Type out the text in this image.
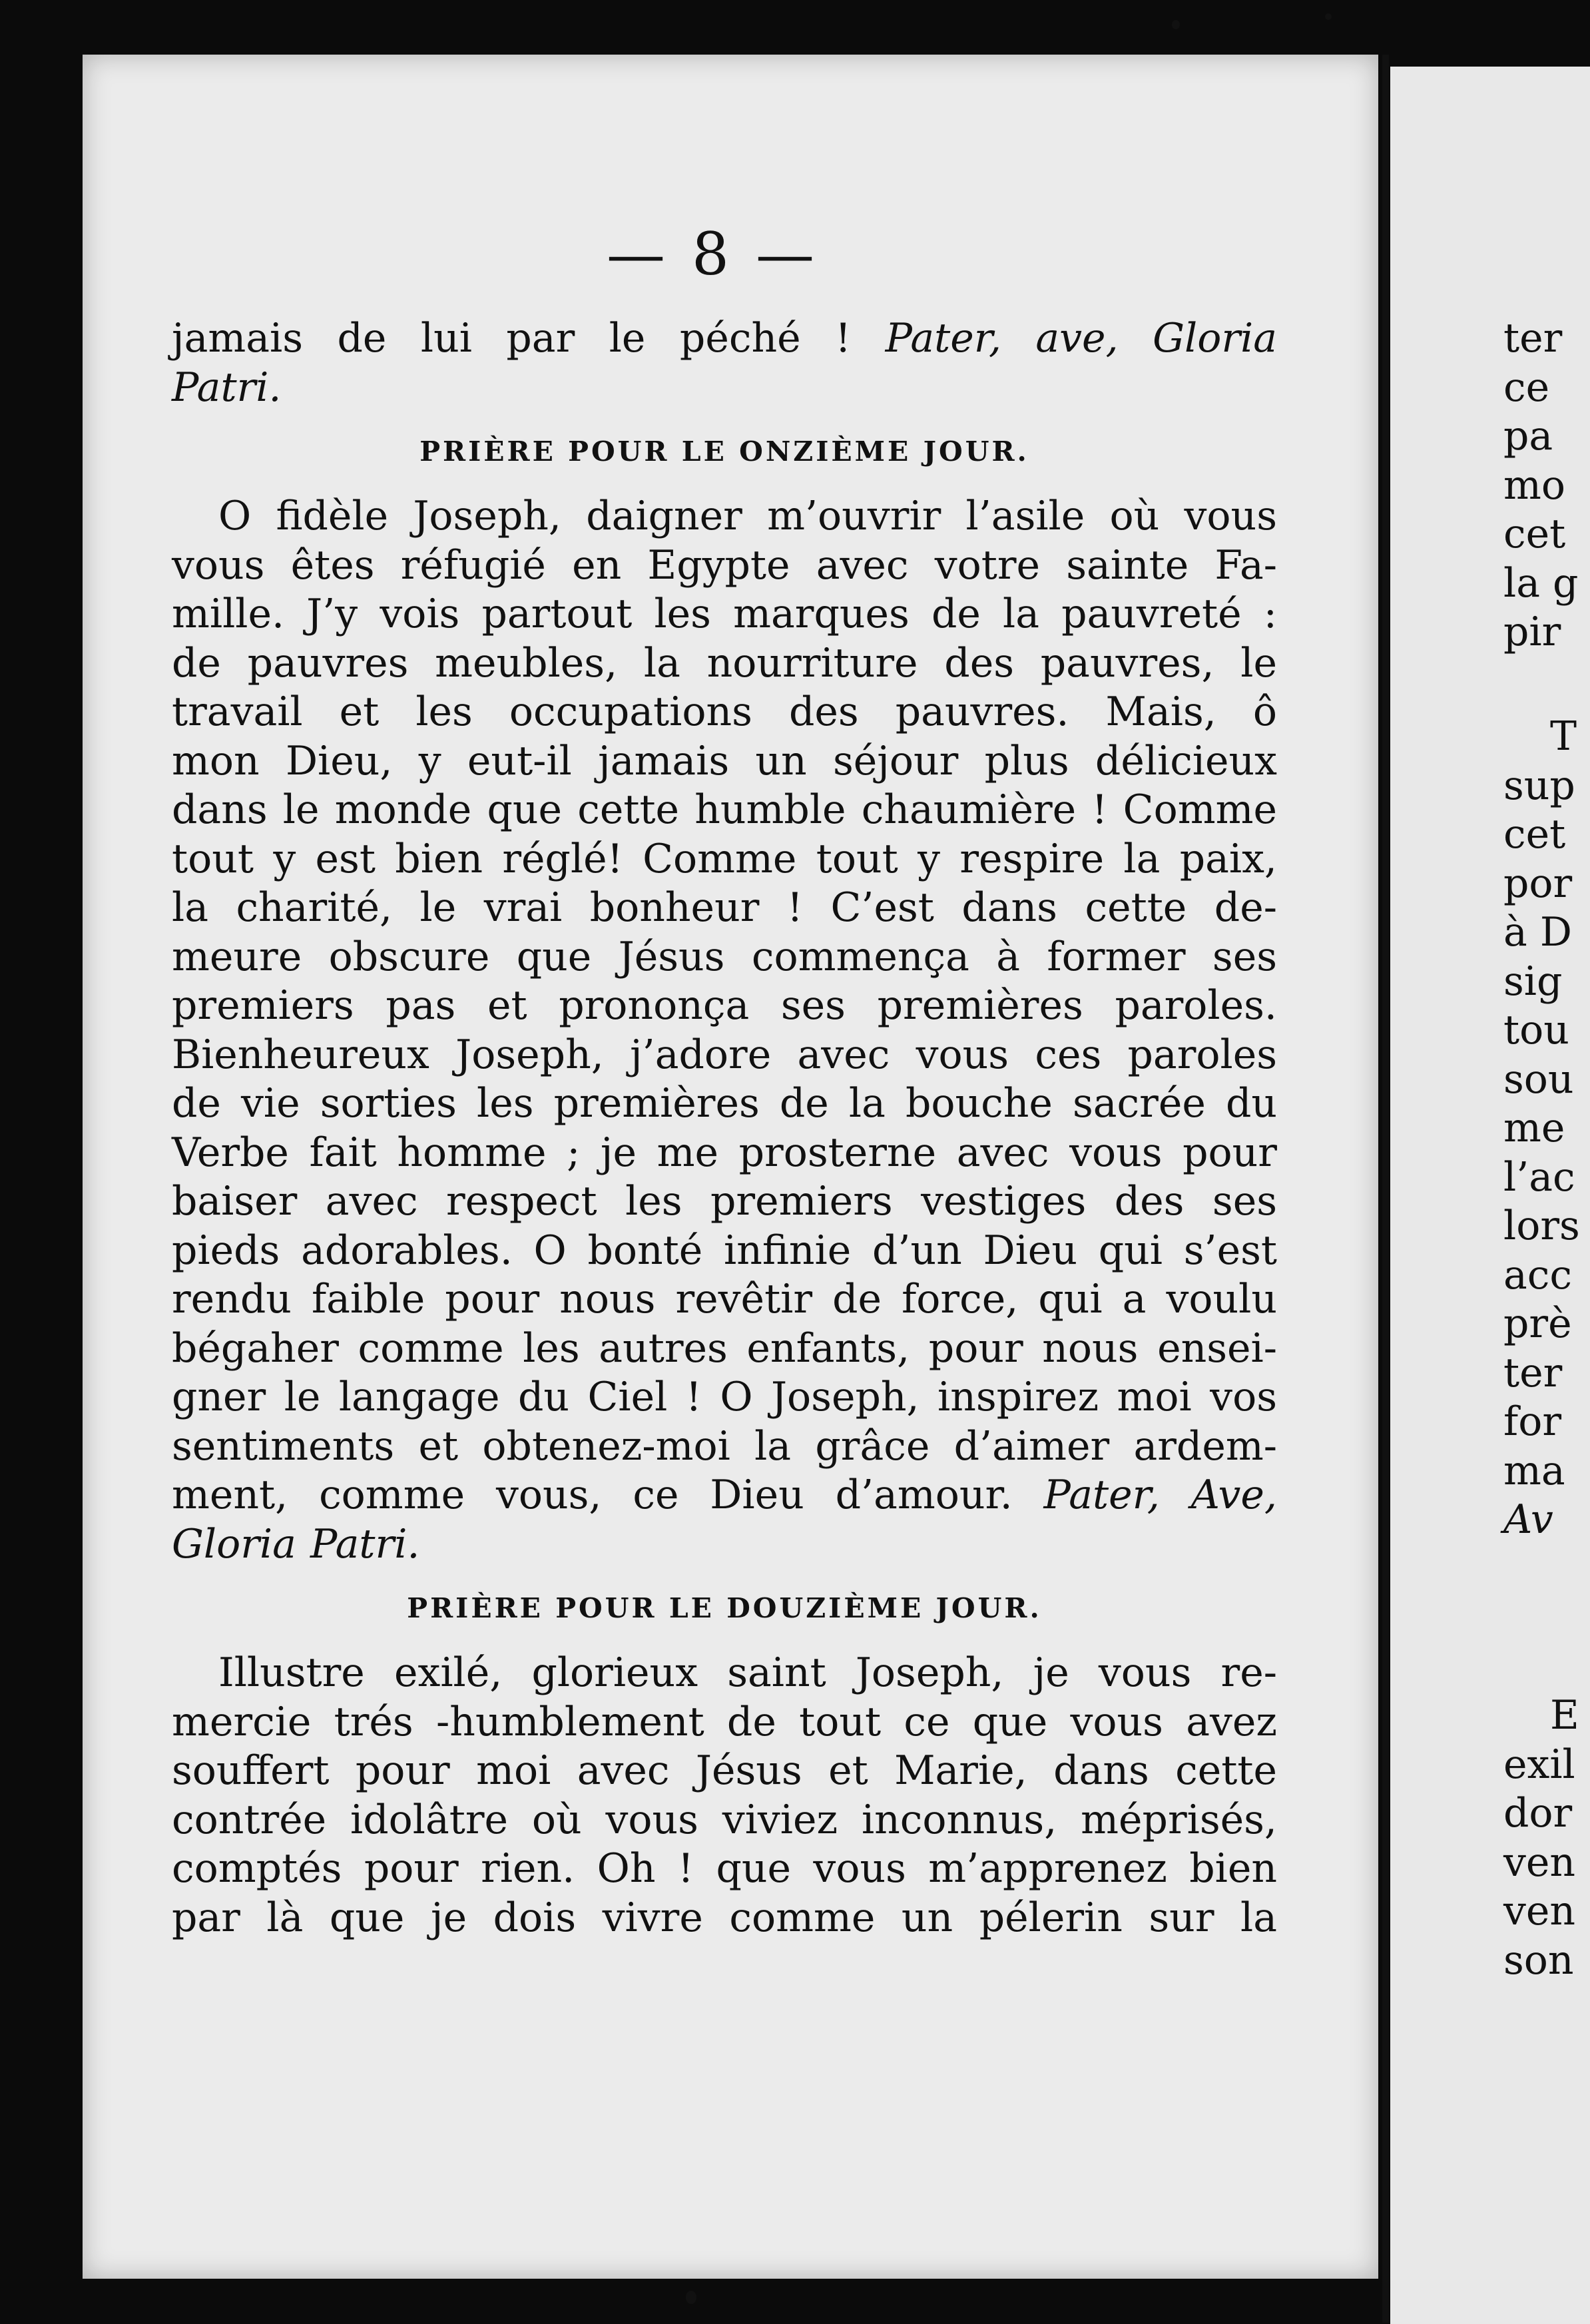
— 8 —

jamais de lui par le péché ! Pater, ave, Gloria
Patri.

PRIÈRE POUR LE ONZIÈME JOUR.

O fidèle Joseph, daigner m’ouvrir l’asile où vous
vous êtes réfugié en Egypte avec votre sainte Fa-
mille. J’y vois partout les marques de la pauvreté :
de pauvres meubles, la nourriture des pauvres, le
travail et les occupations des pauvres. Mais, ô
mon Dieu, y eut-il jamais un séjour plus délicieux
dans le monde que cette humble chaumière ! Comme
tout y est bien réglé! Comme tout y respire la paix,
la charité, le vrai bonheur ! C’est dans cette de-
meure obscure que Jésus commença à former ses
premiers pas et prononça ses premières paroles.
Bienheureux Joseph, j’adore avec vous ces paroles
de vie sorties les premières de la bouche sacrée du
Verbe fait homme ; je me prosterne avec vous pour
baiser avec respect les premiers vestiges des ses
pieds adorables. O bonté infinie d’un Dieu qui s’est
rendu faible pour nous revêtir de force, qui a voulu
bégaher comme les autres enfants, pour nous ensei-
gner le langage du Ciel ! O Joseph, inspirez moi vos
sentiments et obtenez-moi la grâce d’aimer ardem-
ment, comme vous, ce Dieu d’amour. Pater, Ave,
Gloria Patri.

PRIÈRE POUR LE DOUZIÈME JOUR.

Illustre exilé, glorieux saint Joseph, je vous re-
mercie trés -humblement de tout ce que vous avez
souffert pour moi avec Jésus et Marie, dans cette
contrée idolâtre où vous viviez inconnus, méprisés,
comptés pour rien. Oh ! que vous m’apprenez bien
par là que je dois vivre comme un pélerin sur la

ter
ce
pa
mo
cet
la g
pir
T
sup
cet
por
à D
sig
tou
sou
me
l’ac
lors
acc
prè
ter
for
ma
Av
E
exil
dor
ven
ven
son
